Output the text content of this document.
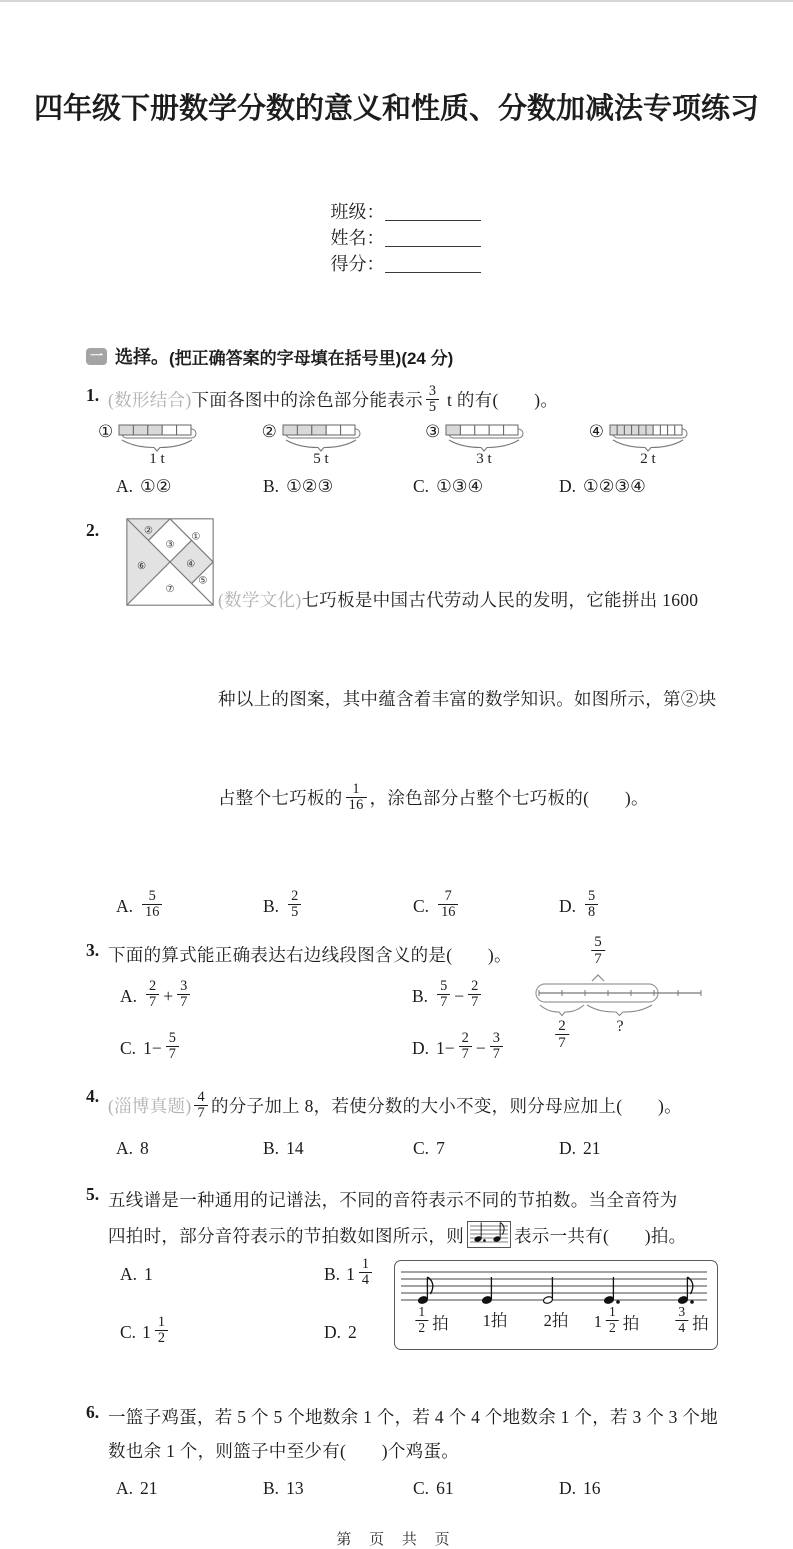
四年级下册数学分数的意义和性质、分数加减法专项练习

班级：
姓名：
得分：

一 选择。 (把正确答案的字母填在括号里)(24 分)
1. (数形结合)下面各图中的涂色部分能表示 $\frac{3}{5}$ t 的有(　　)。
①
1 t
②
5 t
③
3 t
④
2 t
A. ①②	B. ①②③	C. ①③④	D. ①②③④
2.	①
②
③
④
⑤
⑥
⑦

(数学文化)七巧板是中国古代劳动人民的发明，它能拼出 1600

种以上的图案，其中蕴含着丰富的数学知识。如图所示，第②块

占整个七巧板的 $\frac{1}{16}$ ，涂色部分占整个七巧板的(　　)。

A. $\frac{5}{16}$	B. $\frac{2}{5}$	C. $\frac{7}{16}$	D. $\frac{5}{8}$
3. 下面的算式能正确表达右边线段图含义的是(　　)。
A. $\frac{2}{7} + \frac{3}{7}$	B. $\frac{5}{7} - \frac{2}{7}$
C. $1- \frac{5}{7}$	D. $1- \frac{2}{7} - \frac{3}{7}$
$\frac{5}{7}$
$\frac{2}{7}$	?
4. (淄博真题) $\frac{4}{7}$ 的分子加上 8，若使分数的大小不变，则分母应加上(　　)。
A. 8	B. 14	C. 7	D. 21
5. 五线谱是一种通用的记谱法，不同的音符表示不同的节拍数。当全音符为
四拍时，部分音符表示的节拍数如图所示，则	表示一共有(　　)拍。
A. 1	B. $1 \frac{1}{4}$
C. $1 \frac{1}{2}$	D. 2	$\frac{1}{2}$ 拍 1拍 2拍 $1 \frac{1}{2}$ 拍	$\frac{3}{4}$ 拍
6. 一篮子鸡蛋，若 5 个 5 个地数余 1 个，若 4 个 4 个地数余 1 个，若 3 个 3 个地
数也余 1 个，则篮子中至少有(　　)个鸡蛋。
A. 21	B. 13	C. 61	D. 16
第 页 共 页
